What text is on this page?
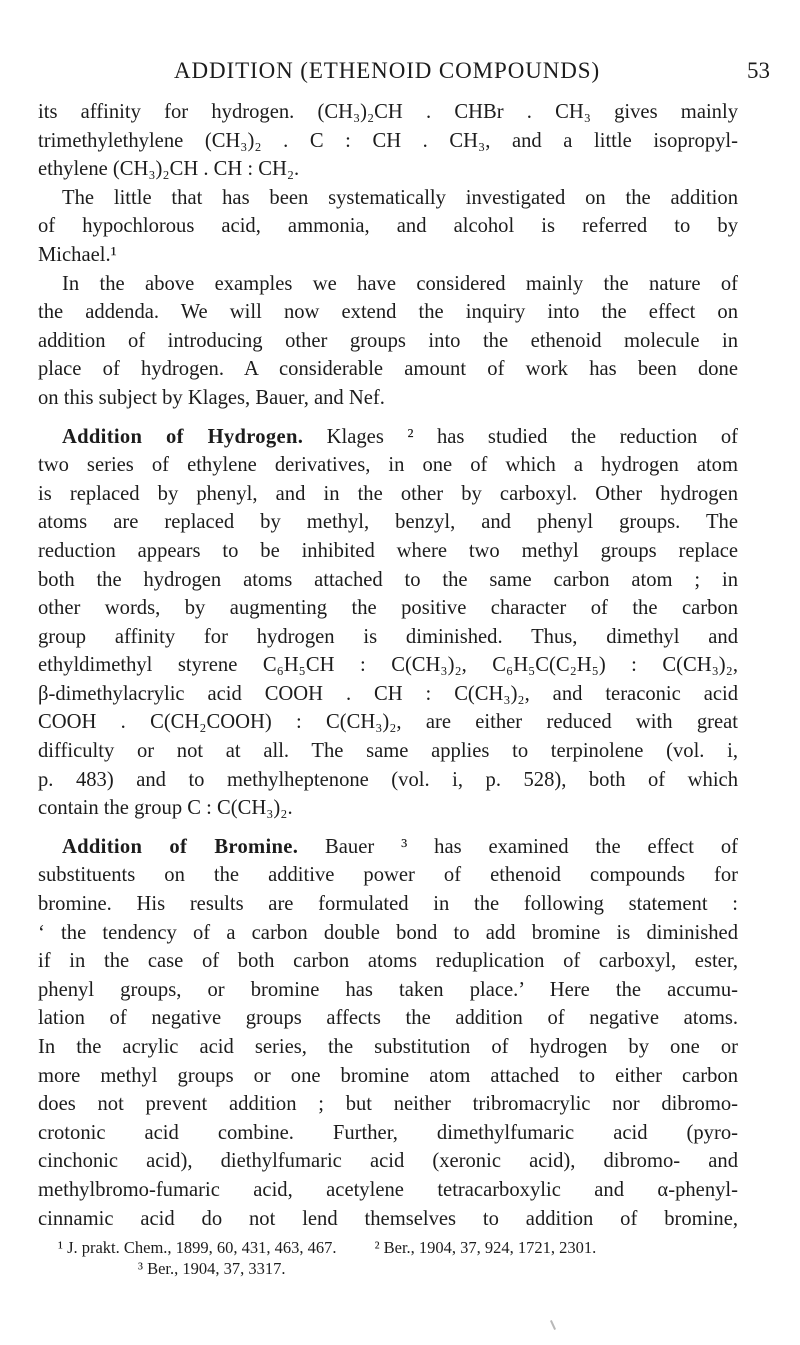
ADDITION (ETHENOID COMPOUNDS)	53
its affinity for hydrogen. (CH₃)₂CH . CHBr . CH₃ gives mainly
trimethylethylene (CH₃)₂ . C : CH . CH₃, and a little isopropyl-
ethylene (CH₃)₂CH . CH : CH₂.
The little that has been systematically investigated on the addition
of hypochlorous acid, ammonia, and alcohol is referred to by
Michael.¹
In the above examples we have considered mainly the nature of
the addenda. We will now extend the inquiry into the effect on
addition of introducing other groups into the ethenoid molecule in
place of hydrogen. A considerable amount of work has been done
on this subject by Klages, Bauer, and Nef.
Addition of Hydrogen. Klages ² has studied the reduction of
two series of ethylene derivatives, in one of which a hydrogen atom
is replaced by phenyl, and in the other by carboxyl. Other hydrogen
atoms are replaced by methyl, benzyl, and phenyl groups. The
reduction appears to be inhibited where two methyl groups replace
both the hydrogen atoms attached to the same carbon atom ; in
other words, by augmenting the positive character of the carbon
group affinity for hydrogen is diminished. Thus, dimethyl and
ethyldimethyl styrene C₆H₅CH : C(CH₃)₂, C₆H₅C(C₂H₅) : C(CH₃)₂,
β-dimethylacrylic acid COOH . CH : C(CH₃)₂, and teraconic acid
COOH . C(CH₂COOH) : C(CH₃)₂, are either reduced with great
difficulty or not at all. The same applies to terpinolene (vol. i,
p. 483) and to methylheptenone (vol. i, p. 528), both of which
contain the group C : C(CH₃)₂.
Addition of Bromine. Bauer ³ has examined the effect of
substituents on the additive power of ethenoid compounds for
bromine. His results are formulated in the following statement :
‘ the tendency of a carbon double bond to add bromine is diminished
if in the case of both carbon atoms reduplication of carboxyl, ester,
phenyl groups, or bromine has taken place.’ Here the accumu-
lation of negative groups affects the addition of negative atoms.
In the acrylic acid series, the substitution of hydrogen by one or
more methyl groups or one bromine atom attached to either carbon
does not prevent addition ; but neither tribromacrylic nor dibromo-
crotonic acid combine. Further, dimethylfumaric acid (pyro-
cinchonic acid), diethylfumaric acid (xeronic acid), dibromo- and
methylbromo-fumaric acid, acetylene tetracarboxylic and α-phenyl-
cinnamic acid do not lend themselves to addition of bromine,
¹ J. prakt. Chem., 1899, 60, 431, 463, 467. ² Ber., 1904, 37, 924, 1721, 2301.
³ Ber., 1904, 37, 3317.
